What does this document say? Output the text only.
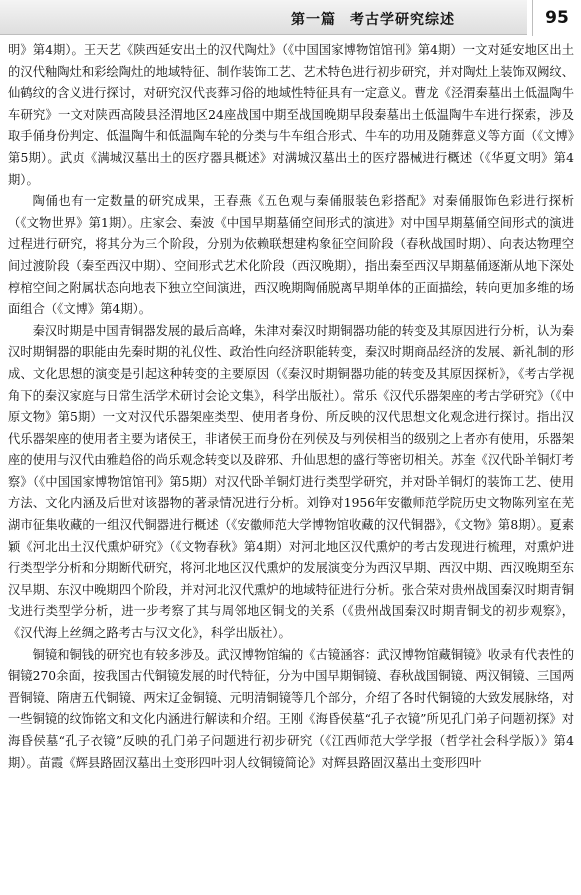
第一篇 考古学研究综述	95

明》第4期）。王天艺《陕西延安出土的汉代陶灶》（《中国国家博物馆馆刊》第4期）一文对延安地区出土的汉代釉陶灶和彩绘陶灶的地域特征、制作装饰工艺、艺术特色进行初步研究，并对陶灶上装饰双阙纹、仙鹤纹的含义进行探讨，对研究汉代丧葬习俗的地域性特征具有一定意义。曹龙《泾渭秦墓出土低温陶牛车研究》一文对陕西高陵县泾渭地区24座战国中期至战国晚期早段秦墓出土低温陶牛车进行探索，涉及取手俑身份判定、低温陶牛和低温陶车轮的分类与牛车组合形式、牛车的功用及随葬意义等方面（《文博》第5期）。武贞《满城汉墓出土的医疗器具概述》对满城汉墓出土的医疗器械进行概述（《华夏文明》第4期）。

陶俑也有一定数量的研究成果，王春燕《五色观与秦俑服装色彩搭配》对秦俑服饰色彩进行探析（《文物世界》第1期）。庄家会、秦波《中国早期墓俑空间形式的演进》对中国早期墓俑空间形式的演进过程进行研究，将其分为三个阶段，分别为依赖联想建构象征空间阶段（春秋战国时期）、向表达物理空间过渡阶段（秦至西汉中期）、空间形式艺术化阶段（西汉晚期），指出秦至西汉早期墓俑逐渐从地下深处椁棺空间之附属状态向地表下独立空间演进，西汉晚期陶俑脱离早期单体的正面描绘，转向更加多维的场面组合（《文博》第4期）。

秦汉时期是中国青铜器发展的最后高峰，朱津对秦汉时期铜器功能的转变及其原因进行分析，认为秦汉时期铜器的职能由先秦时期的礼仪性、政治性向经济职能转变，秦汉时期商品经济的发展、新礼制的形成、文化思想的演变是引起这种转变的主要原因（《秦汉时期铜器功能的转变及其原因探析》，《考古学视角下的秦汉家庭与日常生活学术研讨会论文集》，科学出版社）。常乐《汉代乐器架座的考古学研究》（《中原文物》第5期）一文对汉代乐器架座类型、使用者身份、所反映的汉代思想文化观念进行探讨。指出汉代乐器架座的使用者主要为诸侯王，非诸侯王而身份在列侯及与列侯相当的级别之上者亦有使用，乐器架座的使用与汉代由雅趋俗的尚乐观念转变以及辟邪、升仙思想的盛行等密切相关。苏奎《汉代卧羊铜灯考察》（《中国国家博物馆馆刊》第5期）对汉代卧羊铜灯进行类型学研究，并对卧羊铜灯的装饰工艺、使用方法、文化内涵及后世对该器物的著录情况进行分析。刘铮对1956年安徽师范学院历史文物陈列室在芜湖市征集收藏的一组汉代铜器进行概述（《安徽师范大学博物馆收藏的汉代铜器》，《文物》第8期）。夏素颖《河北出土汉代熏炉研究》（《文物春秋》第4期）对河北地区汉代熏炉的考古发现进行梳理，对熏炉进行类型学分析和分期断代研究，将河北地区汉代熏炉的发展演变分为西汉早期、西汉中期、西汉晚期至东汉早期、东汉中晚期四个阶段，并对河北汉代熏炉的地域特征进行分析。张合荣对贵州战国秦汉时期青铜戈进行类型学分析，进一步考察了其与周邻地区铜戈的关系（《贵州战国秦汉时期青铜戈的初步观察》，《汉代海上丝绸之路考古与汉文化》，科学出版社）。

铜镜和铜钱的研究也有较多涉及。武汉博物馆编的《古镜涵容：武汉博物馆藏铜镜》收录有代表性的铜镜270余面，按我国古代铜镜发展的时代特征，分为中国早期铜镜、春秋战国铜镜、两汉铜镜、三国两晋铜镜、隋唐五代铜镜、两宋辽金铜镜、元明清铜镜等几个部分，介绍了各时代铜镜的大致发展脉络，对一些铜镜的纹饰铭文和文化内涵进行解读和介绍。王刚《海昏侯墓“孔子衣镜”所见孔门弟子问题初探》对海昏侯墓“孔子衣镜”反映的孔门弟子问题进行初步研究（《江西师范大学学报（哲学社会科学版）》第4期）。苗霞《辉县路固汉墓出土变形四叶羽人纹铜镜简论》对辉县路固汉墓出土变形四叶
